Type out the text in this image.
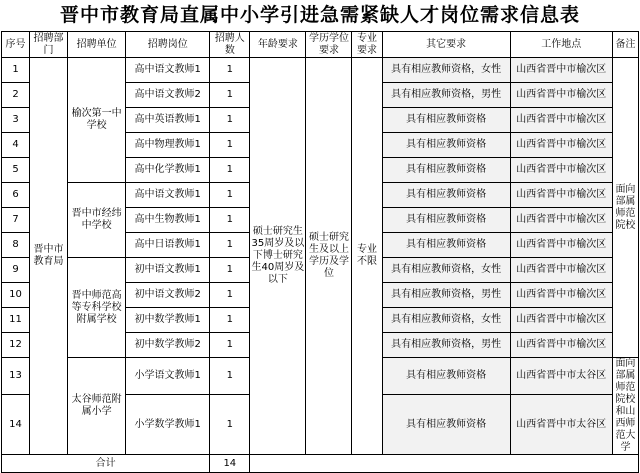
晋中市教育局直属中小学引进急需紧缺人才岗位需求信息表
序号	招聘部门	招聘单位	招聘岗位	招聘人数	年龄要求	学历学位要求	专业要求	其它要求	工作地点	备注
1	晋中市教育局	榆次第一中学校	高中语文教师1	1	硕士研究生35周岁及以下博士研究生40周岁及以下	硕士研究生及以上学历及学位	专业不限	具有相应教师资格，女性	山西省晋中市榆次区	面向部属师范院校

2			高中语文教师2	1				具有相应教师资格，男性	山西省晋中市榆次区	
3			高中英语教师1	1				具有相应教师资格	山西省晋中市榆次区	
4			高中物理教师1	1				具有相应教师资格	山西省晋中市榆次区	
5			高中化学教师1	1				具有相应教师资格	山西省晋中市榆次区	
6		晋中市经纬中学校	高中语文教师1	1				具有相应教师资格	山西省晋中市榆次区	
7			高中生物教师1	1				具有相应教师资格	山西省晋中市榆次区	
8			高中日语教师1	1				具有相应教师资格	山西省晋中市榆次区	
9		晋中师范高等专科学校附属学校	初中语文教师1	1				具有相应教师资格，女性	山西省晋中市榆次区	
10			初中语文教师2	1				具有相应教师资格，男性	山西省晋中市榆次区	
11			初中数学教师1	1				具有相应教师资格，女性	山西省晋中市榆次区	
12			初中数学教师2	1				具有相应教师资格，男性	山西省晋中市榆次区	
13		太谷师范附属小学	小学语文教师1	1				具有相应教师资格	山西省晋中市太谷区	面向部属师范院校和山西师范大学

14			小学数学教师1	1				具有相应教师资格	山西省晋中市太谷区	
合计				14						
